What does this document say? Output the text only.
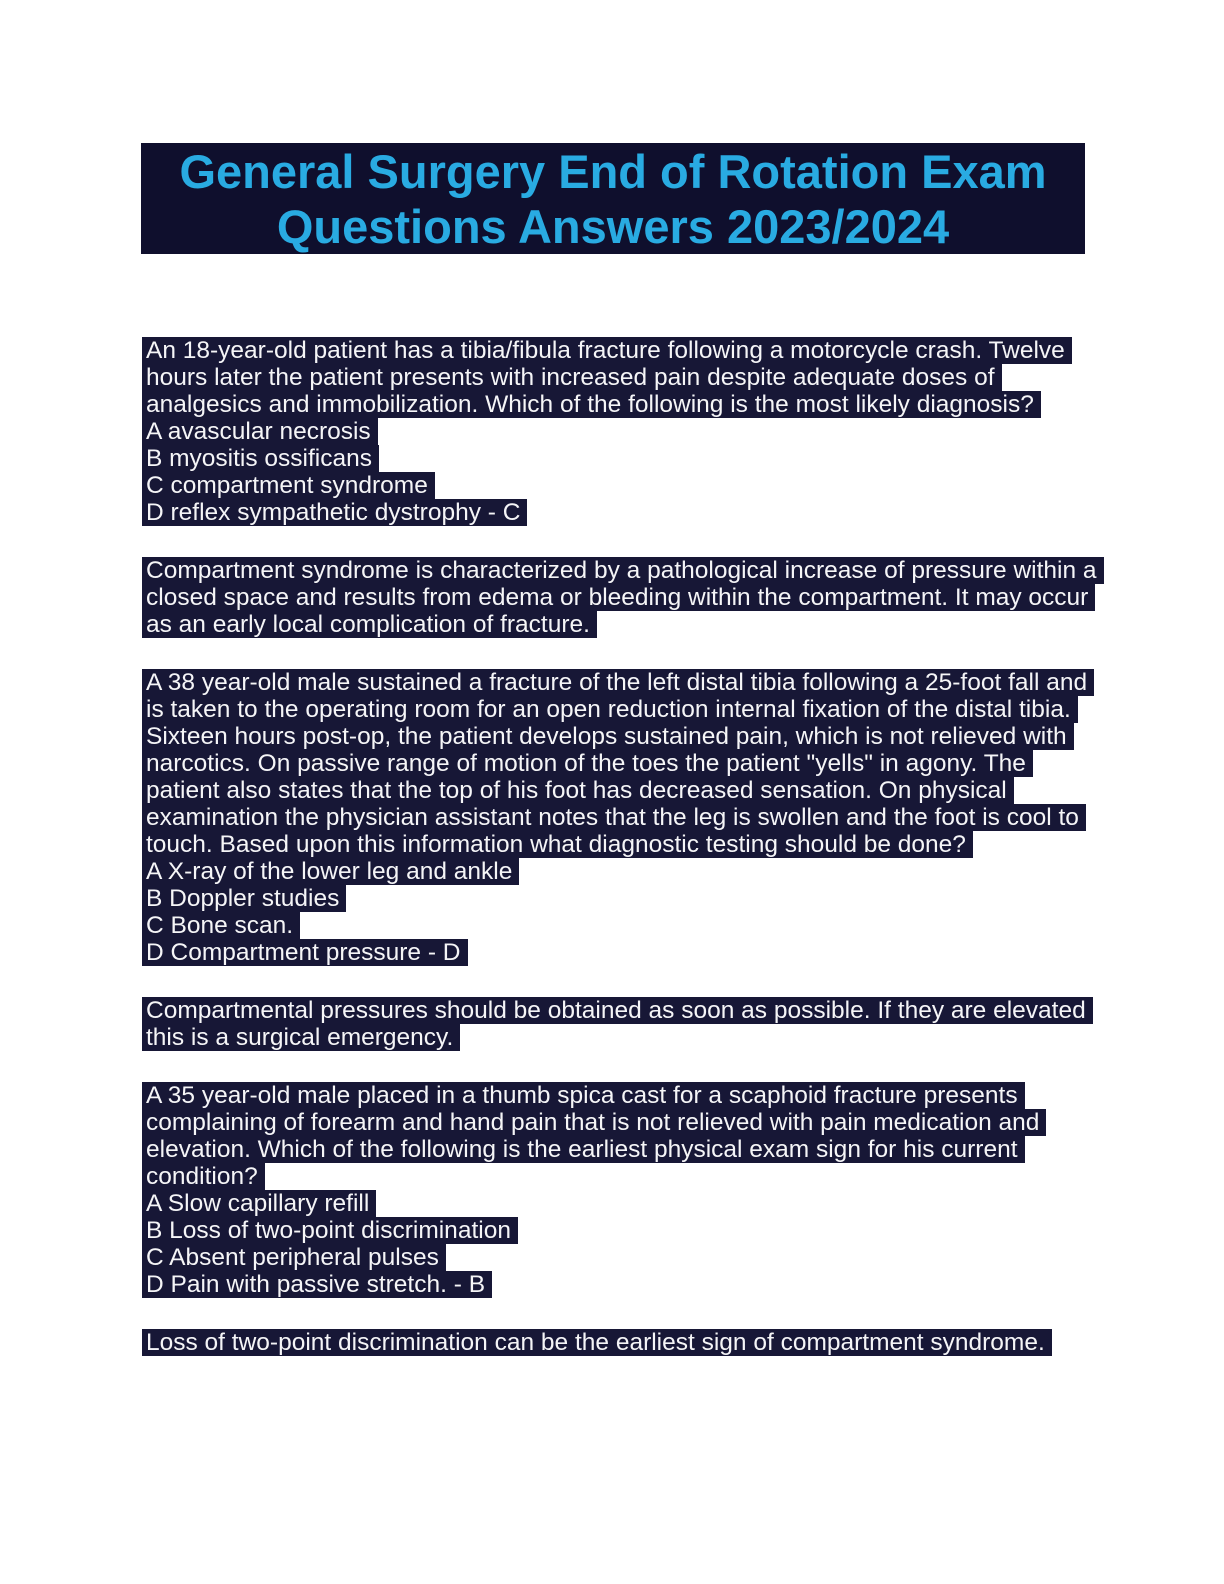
General Surgery End of Rotation Exam
Questions Answers 2023/2024
An 18-year-old patient has a tibia/fibula fracture following a motorcycle crash. Twelve
hours later the patient presents with increased pain despite adequate doses of
analgesics and immobilization. Which of the following is the most likely diagnosis?
A avascular necrosis
B myositis ossificans
C compartment syndrome
D reflex sympathetic dystrophy - C
Compartment syndrome is characterized by a pathological increase of pressure within a
closed space and results from edema or bleeding within the compartment. It may occur
as an early local complication of fracture.
A 38 year-old male sustained a fracture of the left distal tibia following a 25-foot fall and
is taken to the operating room for an open reduction internal fixation of the distal tibia.
Sixteen hours post-op, the patient develops sustained pain, which is not relieved with
narcotics. On passive range of motion of the toes the patient "yells" in agony. The
patient also states that the top of his foot has decreased sensation. On physical
examination the physician assistant notes that the leg is swollen and the foot is cool to
touch. Based upon this information what diagnostic testing should be done?
A X-ray of the lower leg and ankle
B Doppler studies
C Bone scan.
D Compartment pressure - D
Compartmental pressures should be obtained as soon as possible. If they are elevated
this is a surgical emergency.
A 35 year-old male placed in a thumb spica cast for a scaphoid fracture presents
complaining of forearm and hand pain that is not relieved with pain medication and
elevation. Which of the following is the earliest physical exam sign for his current
condition?
A Slow capillary refill
B Loss of two-point discrimination
C Absent peripheral pulses
D Pain with passive stretch. - B
Loss of two-point discrimination can be the earliest sign of compartment syndrome.
